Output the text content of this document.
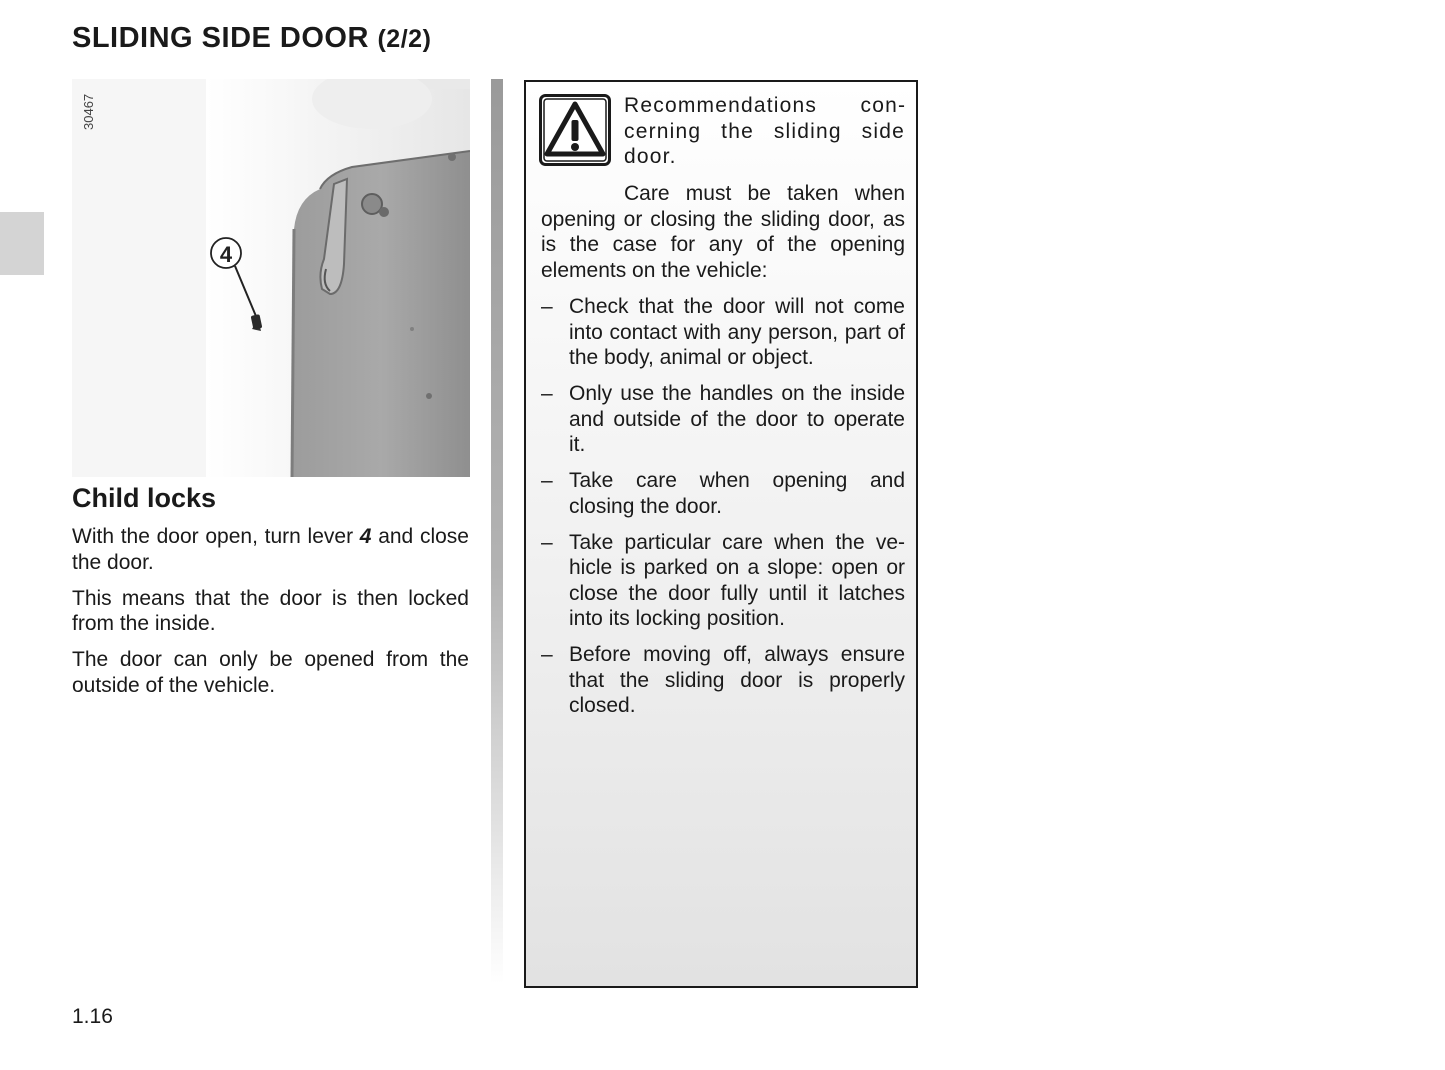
SLIDING SIDE DOOR (2/2)
4
30467
Child locks

With the door open, turn lever 4 and close the door.

This means that the door is then locked from the inside.

The door can only be opened from the outside of the vehicle.

Recommendations concerning the sliding side door.
Care must be taken when opening or closing the sliding door, as is the case for any of the opening elements on the vehicle:
– Check that the door will not come into contact with any person, part of the body, animal or object.
– Only use the handles on the inside and outside of the door to operate it.
– Take care when opening and closing the door.
– Take particular care when the vehicle is parked on a slope: open or close the door fully until it latches into its locking position.
– Before moving off, always ensure that the sliding door is properly closed.
1.16
